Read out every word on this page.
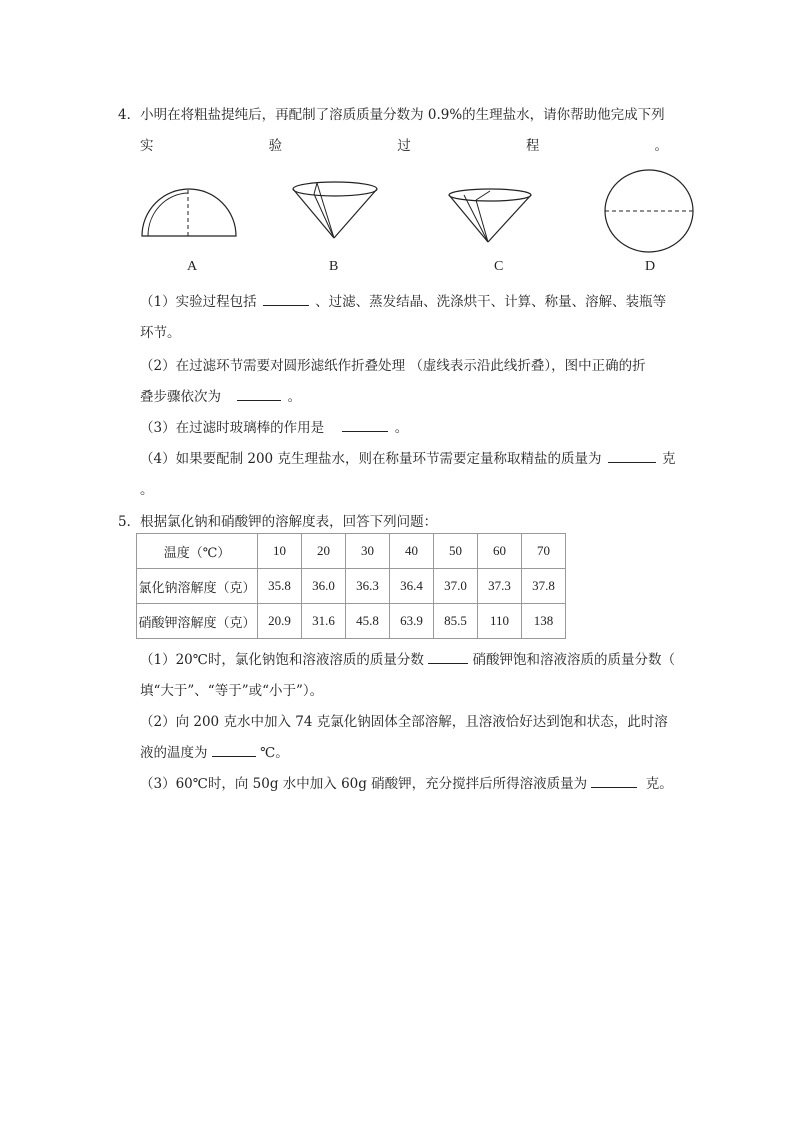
4．小明在将粗盐提纯后，再配制了溶质质量分数为 0.9%的生理盐水，请你帮助他完成下列
实	验	过	程	。
A	B	C	D
（1）实验过程包括	、过滤、蒸发结晶、洗涤烘干、计算、称量、溶解、装瓶等
环节。
（2）在过滤环节需要对圆形滤纸作折叠处理 （虚线表示沿此线折叠），图中正确的折
叠步骤依次为	。
（3）在过滤时玻璃棒的作用是	。
（4）如果要配制 200 克生理盐水，则在称量环节需要定量称取精盐的质量为	克
。
5．根据氯化钠和硝酸钾的溶解度表，回答下列问题：
温度（℃）	10	20	30	40	50	60	70
氯化钠溶解度（克）	35.8	36.0	36.3	36.4	37.0	37.3	37.8
硝酸钾溶解度（克）	20.9	31.6	45.8	63.9	85.5	110	138
（1）20℃时，氯化钠饱和溶液溶质的质量分数	硝酸钾饱和溶液溶质的质量分数（
填“大于”、“等于”或“小于”）。
（2）向 200 克水中加入 74 克氯化钠固体全部溶解，且溶液恰好达到饱和状态，此时溶
液的温度为	℃。
（3）60℃时，向 50g 水中加入 60g 硝酸钾，充分搅拌后所得溶液质量为	克。
